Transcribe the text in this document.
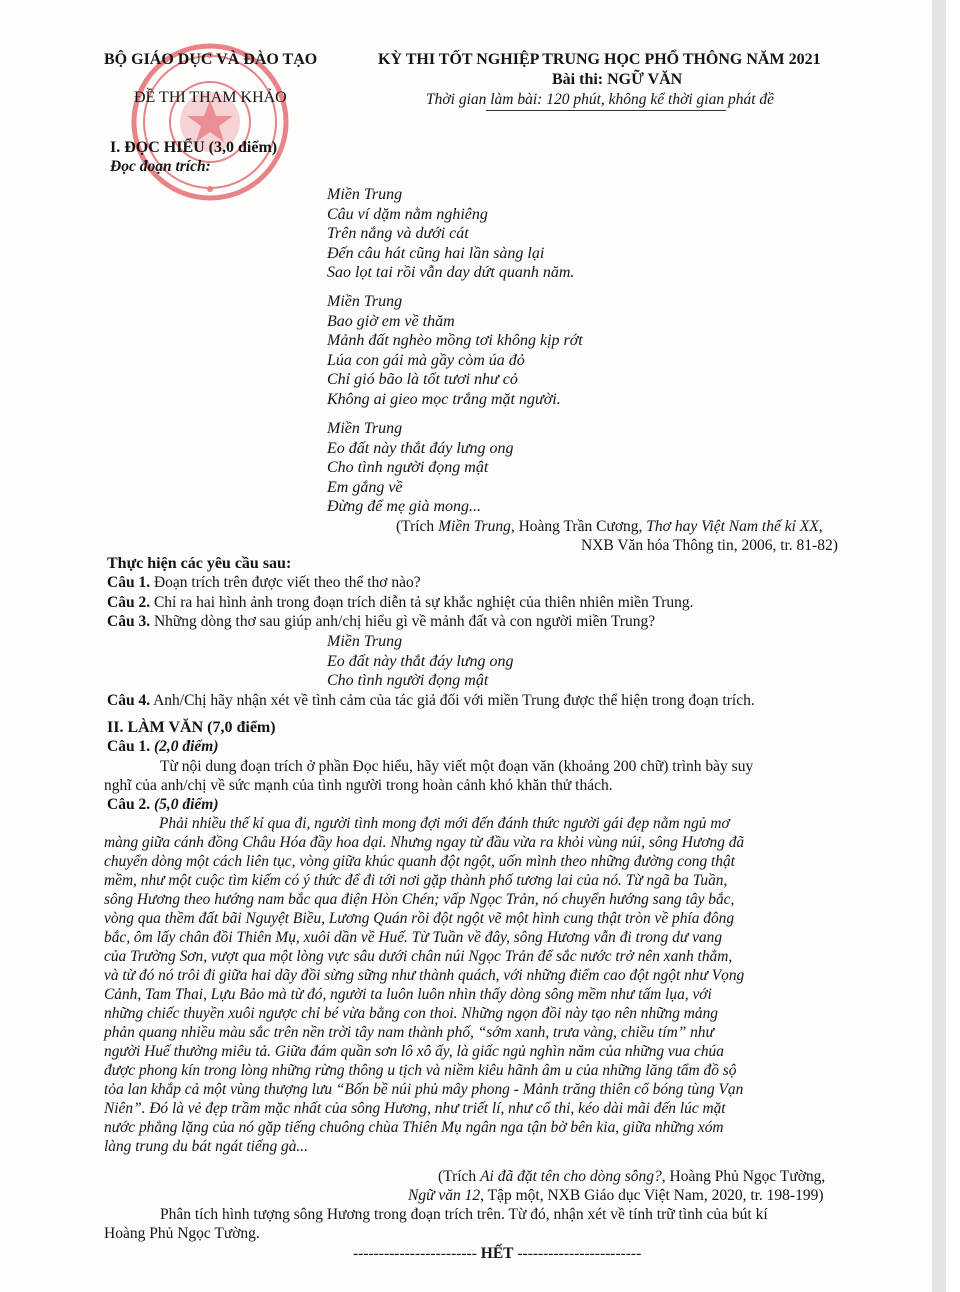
BỘ GIÁO DỤC VÀ ĐÀO TẠO
ĐỀ THI THAM KHẢO
KỲ THI TỐT NGHIỆP TRUNG HỌC PHỔ THÔNG NĂM 2021
Bài thi: NGỮ VĂN
Thời gian làm bài: 120 phút, không kể thời gian phát đề
I. ĐỌC HIỂU (3,0 điểm)
Đọc đoạn trích:
Miền Trung
Câu ví dặm nằm nghiêng
Trên nắng và dưới cát
Đến câu hát cũng hai lần sàng lại
Sao lọt tai rồi vẫn day dứt quanh năm.
Miền Trung
Bao giờ em về thăm
Mảnh đất nghèo mồng tơi không kịp rớt
Lúa con gái mà gầy còm úa đỏ
Chỉ gió bão là tốt tươi như cỏ
Không ai gieo mọc trắng mặt người.
Miền Trung
Eo đất này thắt đáy lưng ong
Cho tình người đọng mật
Em gắng về
Đừng để mẹ già mong...
(Trích Miền Trung, Hoàng Trần Cương, Thơ hay Việt Nam thế kỉ XX,
NXB Văn hóa Thông tin, 2006, tr. 81-82)
Thực hiện các yêu cầu sau:
Câu 1. Đoạn trích trên được viết theo thể thơ nào?
Câu 2. Chỉ ra hai hình ảnh trong đoạn trích diễn tả sự khắc nghiệt của thiên nhiên miền Trung.
Câu 3. Những dòng thơ sau giúp anh/chị hiểu gì về mảnh đất và con người miền Trung?
Miền Trung
Eo đất này thắt đáy lưng ong
Cho tình người đọng mật
Câu 4. Anh/Chị hãy nhận xét về tình cảm của tác giả đối với miền Trung được thể hiện trong đoạn trích.
II. LÀM VĂN (7,0 điểm)
Câu 1. (2,0 điểm)
Từ nội dung đoạn trích ở phần Đọc hiểu, hãy viết một đoạn văn (khoảng 200 chữ) trình bày suy
nghĩ của anh/chị về sức mạnh của tình người trong hoàn cảnh khó khăn thử thách.
Câu 2. (5,0 điểm)
Phải nhiều thế kỉ qua đi, người tình mong đợi mới đến đánh thức người gái đẹp nằm ngủ mơ
màng giữa cánh đồng Châu Hóa đầy hoa dại. Nhưng ngay từ đầu vừa ra khỏi vùng núi, sông Hương đã
chuyển dòng một cách liên tục, vòng giữa khúc quanh đột ngột, uốn mình theo những đường cong thật
mềm, như một cuộc tìm kiếm có ý thức để đi tới nơi gặp thành phố tương lai của nó. Từ ngã ba Tuần,
sông Hương theo hướng nam bắc qua điện Hòn Chén; vấp Ngọc Trản, nó chuyển hướng sang tây bắc,
vòng qua thềm đất bãi Nguyệt Biều, Lương Quán rồi đột ngột vẽ một hình cung thật tròn về phía đông
bắc, ôm lấy chân đồi Thiên Mụ, xuôi dần về Huế. Từ Tuần về đây, sông Hương vẫn đi trong dư vang
của Trường Sơn, vượt qua một lòng vực sâu dưới chân núi Ngọc Trản để sắc nước trở nên xanh thẳm,
và từ đó nó trôi đi giữa hai dãy đồi sừng sững như thành quách, với những điểm cao đột ngột như Vọng
Cảnh, Tam Thai, Lựu Bảo mà từ đó, người ta luôn luôn nhìn thấy dòng sông mềm như tấm lụa, với
những chiếc thuyền xuôi ngược chỉ bé vừa bằng con thoi. Những ngọn đồi này tạo nên những mảng
phản quang nhiều màu sắc trên nền trời tây nam thành phố, “sớm xanh, trưa vàng, chiều tím” như
người Huế thường miêu tả. Giữa đám quần sơn lô xô ấy, là giấc ngủ nghìn năm của những vua chúa
được phong kín trong lòng những rừng thông u tịch và niềm kiêu hãnh âm u của những lăng tẩm đồ sộ
tỏa lan khắp cả một vùng thượng lưu “Bốn bề núi phủ mây phong - Mảnh trăng thiên cổ bóng tùng Vạn
Niên”. Đó là vẻ đẹp trầm mặc nhất của sông Hương, như triết lí, như cổ thi, kéo dài mãi đến lúc mặt
nước phẳng lặng của nó gặp tiếng chuông chùa Thiên Mụ ngân nga tận bờ bên kia, giữa những xóm
làng trung du bát ngát tiếng gà...
(Trích Ai đã đặt tên cho dòng sông?, Hoàng Phủ Ngọc Tường,
Ngữ văn 12, Tập một, NXB Giáo dục Việt Nam, 2020, tr. 198-199)
Phân tích hình tượng sông Hương trong đoạn trích trên. Từ đó, nhận xét về tính trữ tình của bút kí
Hoàng Phủ Ngọc Tường.
------------------------ HẾT ------------------------
